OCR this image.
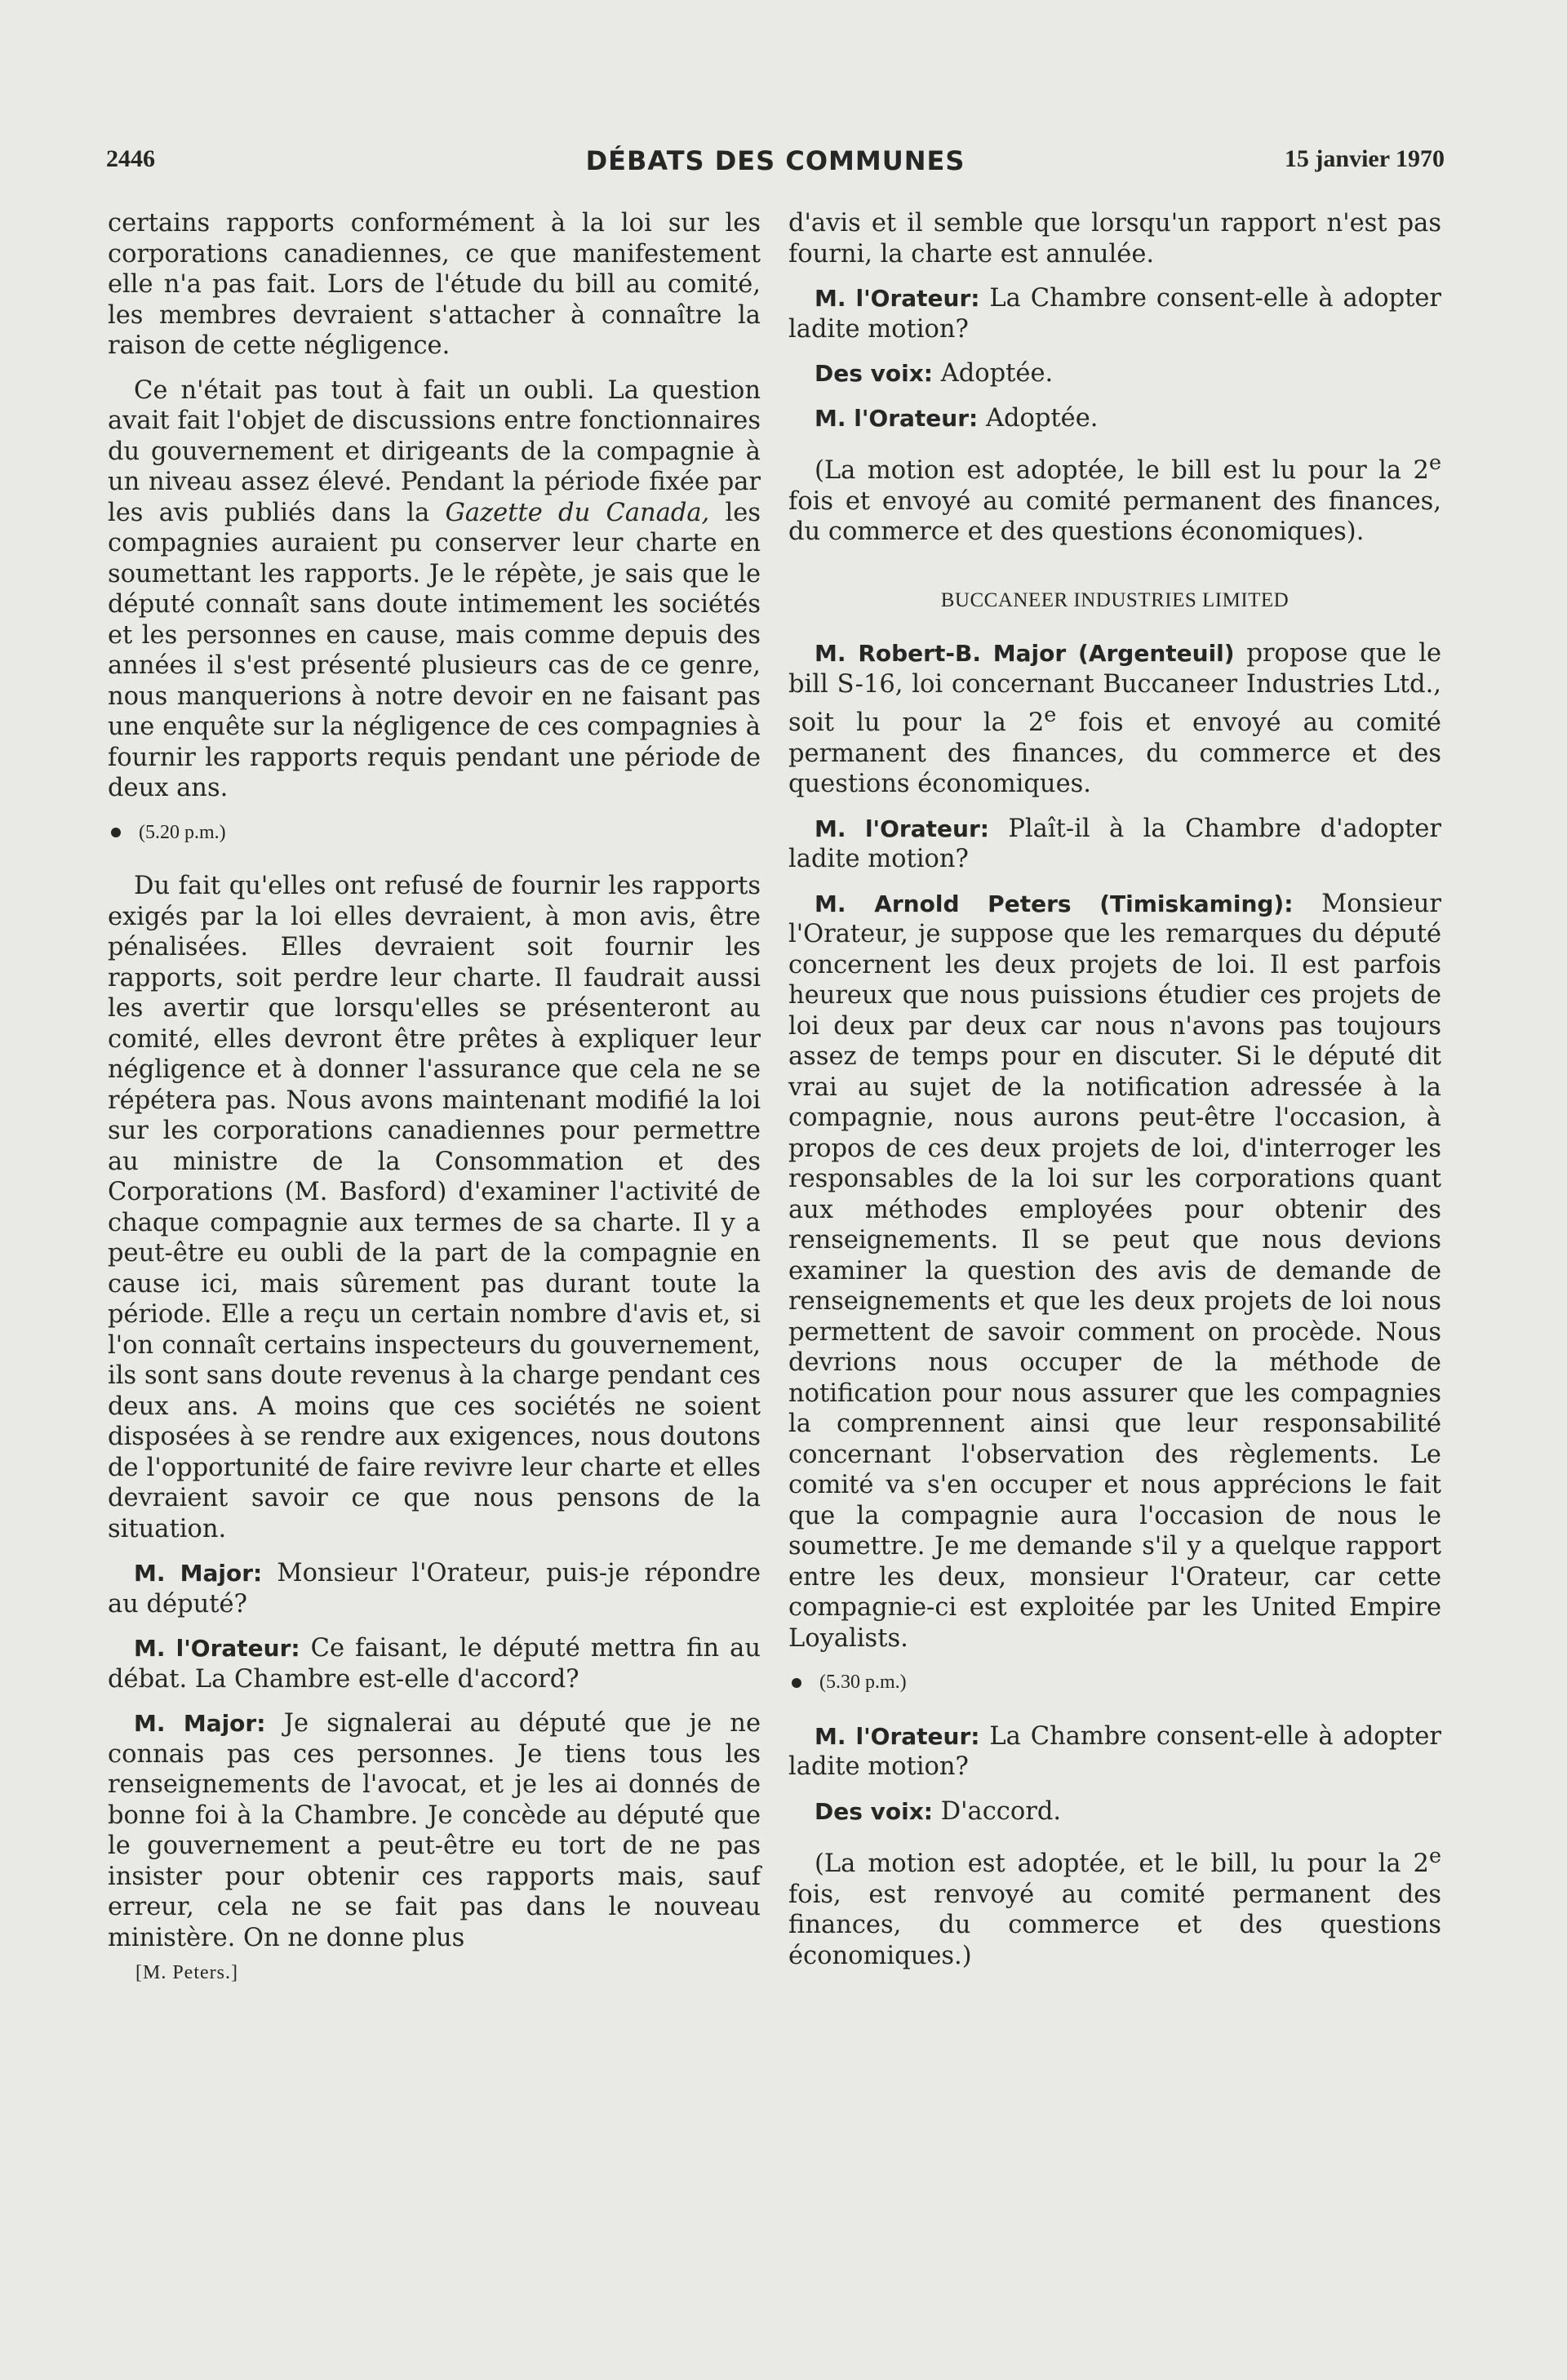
2446	DÉBATS DES COMMUNES	15 janvier 1970

certains rapports conformément à la loi sur les corporations canadiennes, ce que manifestement elle n'a pas fait. Lors de l'étude du bill au comité, les membres devraient s'attacher à connaître la raison de cette négligence.

Ce n'était pas tout à fait un oubli. La question avait fait l'objet de discussions entre fonctionnaires du gouvernement et dirigeants de la compagnie à un niveau assez élevé. Pendant la période fixée par les avis publiés dans la Gazette du Canada, les compagnies auraient pu conserver leur charte en soumettant les rapports. Je le répète, je sais que le député connaît sans doute intimement les sociétés et les personnes en cause, mais comme depuis des années il s'est présenté plusieurs cas de ce genre, nous manquerions à notre devoir en ne faisant pas une enquête sur la négligence de ces compagnies à fournir les rapports requis pendant une période de deux ans.

(5.20 p.m.)

Du fait qu'elles ont refusé de fournir les rapports exigés par la loi elles devraient, à mon avis, être pénalisées. Elles devraient soit fournir les rapports, soit perdre leur charte. Il faudrait aussi les avertir que lorsqu'elles se présenteront au comité, elles devront être prêtes à expliquer leur négligence et à donner l'assurance que cela ne se répétera pas. Nous avons maintenant modifié la loi sur les corporations canadiennes pour permettre au ministre de la Consommation et des Corporations (M. Basford) d'examiner l'activité de chaque compagnie aux termes de sa charte. Il y a peut-être eu oubli de la part de la compagnie en cause ici, mais sûrement pas durant toute la période. Elle a reçu un certain nombre d'avis et, si l'on connaît certains inspecteurs du gouvernement, ils sont sans doute revenus à la charge pendant ces deux ans. A moins que ces sociétés ne soient disposées à se rendre aux exigences, nous doutons de l'opportunité de faire revivre leur charte et elles devraient savoir ce que nous pensons de la situation.

M. Major: Monsieur l'Orateur, puis-je répondre au député?

M. l'Orateur: Ce faisant, le député mettra fin au débat. La Chambre est-elle d'accord?

M. Major: Je signalerai au député que je ne connais pas ces personnes. Je tiens tous les renseignements de l'avocat, et je les ai donnés de bonne foi à la Chambre. Je concède au député que le gouvernement a peut-être eu tort de ne pas insister pour obtenir ces rapports mais, sauf erreur, cela ne se fait pas dans le nouveau ministère. On ne donne plus

[M. Peters.]

d'avis et il semble que lorsqu'un rapport n'est pas fourni, la charte est annulée.

M. l'Orateur: La Chambre consent-elle à adopter ladite motion?

Des voix: Adoptée.

M. l'Orateur: Adoptée.

(La motion est adoptée, le bill est lu pour la 2e fois et envoyé au comité permanent des finances, du commerce et des questions économiques).

BUCCANEER INDUSTRIES LIMITED

M. Robert-B. Major (Argenteuil) propose que le bill S-16, loi concernant Buccaneer Industries Ltd., soit lu pour la 2e fois et envoyé au comité permanent des finances, du commerce et des questions économiques.

M. l'Orateur: Plaît-il à la Chambre d'adopter ladite motion?

M. Arnold Peters (Timiskaming): Monsieur l'Orateur, je suppose que les remarques du député concernent les deux projets de loi. Il est parfois heureux que nous puissions étudier ces projets de loi deux par deux car nous n'avons pas toujours assez de temps pour en discuter. Si le député dit vrai au sujet de la notification adressée à la compagnie, nous aurons peut-être l'occasion, à propos de ces deux projets de loi, d'interroger les responsables de la loi sur les corporations quant aux méthodes employées pour obtenir des renseignements. Il se peut que nous devions examiner la question des avis de demande de renseignements et que les deux projets de loi nous permettent de savoir comment on procède. Nous devrions nous occuper de la méthode de notification pour nous assurer que les compagnies la comprennent ainsi que leur responsabilité concernant l'observation des règlements. Le comité va s'en occuper et nous apprécions le fait que la compagnie aura l'occasion de nous le soumettre. Je me demande s'il y a quelque rapport entre les deux, monsieur l'Orateur, car cette compagnie-ci est exploitée par les United Empire Loyalists.

(5.30 p.m.)

M. l'Orateur: La Chambre consent-elle à adopter ladite motion?

Des voix: D'accord.

(La motion est adoptée, et le bill, lu pour la 2e fois, est renvoyé au comité permanent des finances, du commerce et des questions économiques.)
